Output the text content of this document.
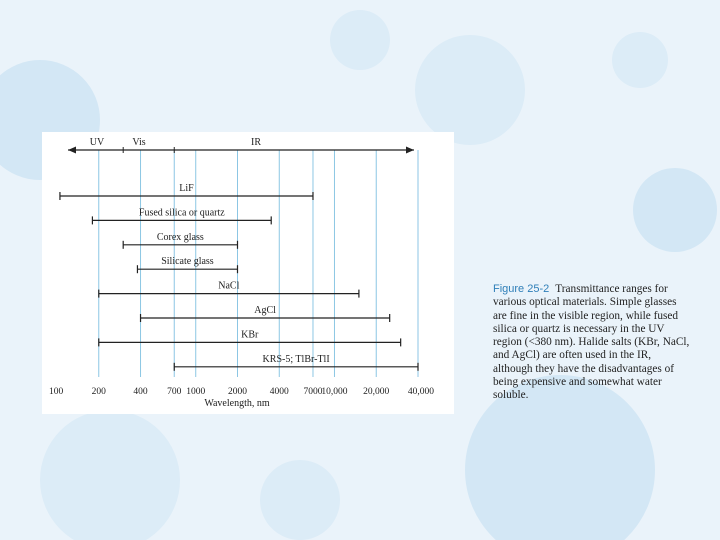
UV	Vis	IR
LiF
Fused silica or quartz
Corex glass
Silicate glass
NaCl
AgCl
KBr
KRS-5; TlBr-TlI
100	200	400 700 1000 2000 4000 7000
10,000 20,000 40,000
Wavelength, nm
Figure 25-2 Transmittance ranges for various optical materials. Simple glasses are fine in the visible region, while fused silica or quartz is necessary in the UV region (<380 nm). Halide salts (KBr, NaCl, and AgCl) are often used in the IR, although they have the disadvantages of being expensive and somewhat water soluble.
